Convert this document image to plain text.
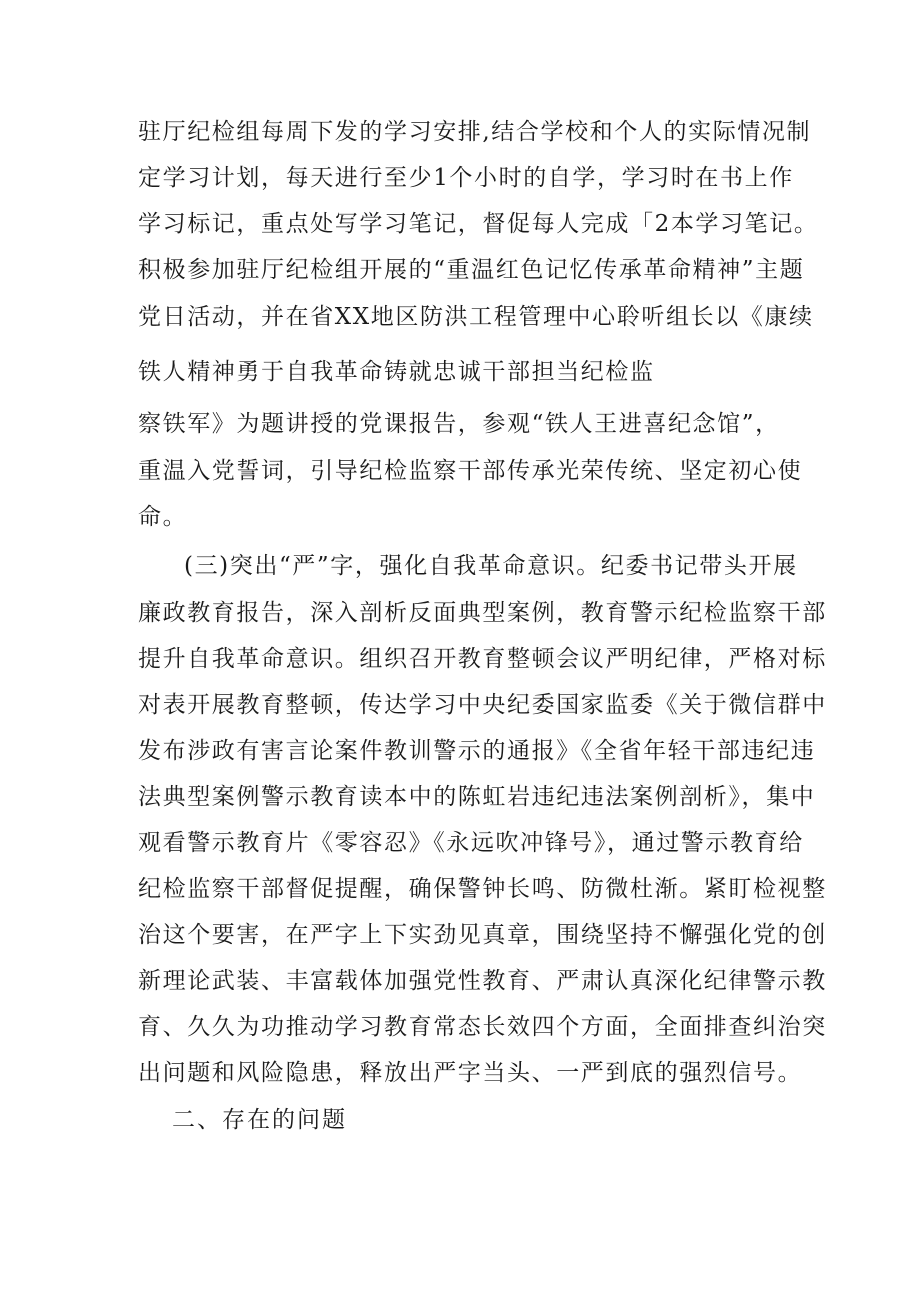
驻厅纪检组每周下发的学习安排,结合学校和个人的实际情况制
定学习计划，每天进行至少1个小时的自学，学习时在书上作
学习标记，重点处写学习笔记，督促每人完成「2本学习笔记。
积极参加驻厅纪检组开展的“重温红色记忆传承革命精神”主题
党日活动，并在省XX地区防洪工程管理中心聆听组长以《康续
铁人精神勇于自我革命铸就忠诚干部担当纪检监
察铁军》为题讲授的党课报告，参观“铁人王进喜纪念馆”，
重温入党誓词，引导纪检监察干部传承光荣传统、坚定初心使
命。
(三)突出“严”字，强化自我革命意识。纪委书记带头开展
廉政教育报告，深入剖析反面典型案例，教育警示纪检监察干部
提升自我革命意识。组织召开教育整顿会议严明纪律，严格对标
对表开展教育整顿，传达学习中央纪委国家监委《关于微信群中
发布涉政有害言论案件教训警示的通报》《全省年轻干部违纪违
法典型案例警示教育读本中的陈虹岩违纪违法案例剖析》，集中
观看警示教育片《零容忍》《永远吹冲锋号》，通过警示教育给
纪检监察干部督促提醒，确保警钟长鸣、防微杜渐。紧盯检视整
治这个要害，在严字上下实劲见真章，围绕坚持不懈强化党的创
新理论武装、丰富载体加强党性教育、严肃认真深化纪律警示教
育、久久为功推动学习教育常态长效四个方面，全面排查纠治突
出问题和风险隐患，释放出严字当头、一严到底的强烈信号。
二、存在的问题
